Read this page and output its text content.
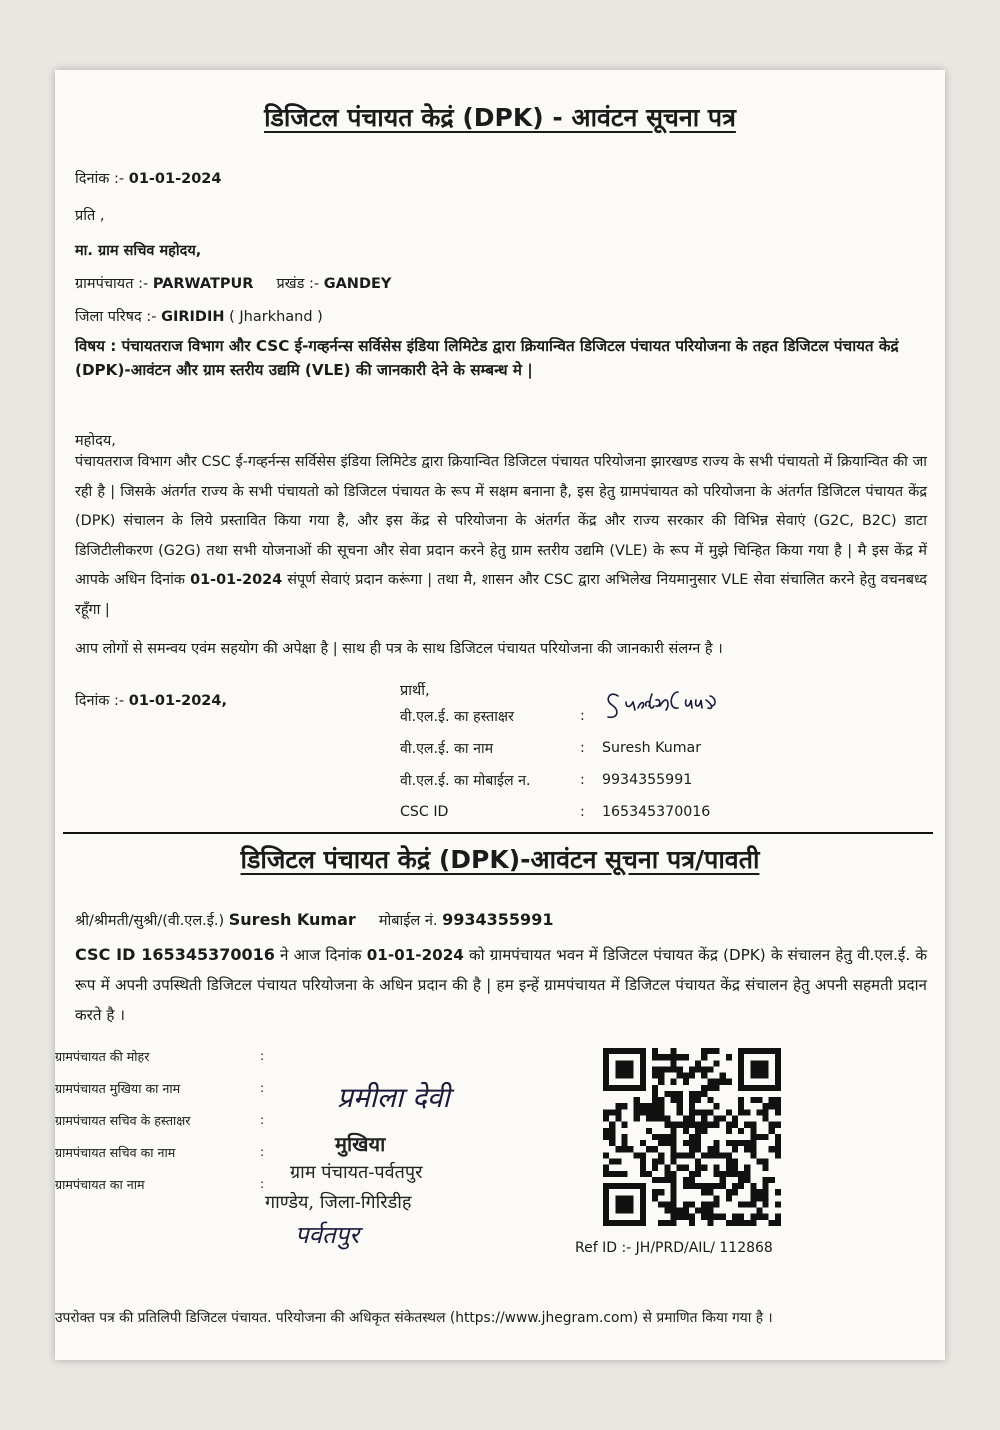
डिजिटल पंचायत केद्रं (DPK) - आवंटन सूचना पत्र
दिनांक :- 01-01-2024
प्रति ,
मा. ग्राम सचिव महोदय,
ग्रामपंचायत :- PARWATPUR प्रखंड :- GANDEY
जिला परिषद :- GIRIDIH ( Jharkhand )
विषय : पंचायतराज विभाग और CSC ई-गव्हर्नन्स सर्विसेस इंडिया लिमिटेड द्वारा क्रियान्वित डिजिटल पंचायत परियोजना के तहत डिजिटल पंचायत केद्रं (DPK)-आवंटन और ग्राम स्तरीय उद्यमि (VLE) की जानकारी देने के सम्बन्ध मे |
महोदय,
पंचायतराज विभाग और CSC ई-गव्हर्नन्स सर्विसेस इंडिया लिमिटेड द्वारा क्रियान्वित डिजिटल पंचायत परियोजना झारखण्ड राज्य के सभी पंचायतो में क्रियान्वित की जा रही है | जिसके अंतर्गत राज्य के सभी पंचायतो को डिजिटल पंचायत के रूप में सक्षम बनाना है, इस हेतु ग्रामपंचायत को परियोजना के अंतर्गत डिजिटल पंचायत केंद्र (DPK) संचालन के लिये प्रस्तावित किया गया है, और इस केंद्र से परियोजना के अंतर्गत केंद्र और राज्य सरकार की विभिन्न सेवाएं (G2C, B2C) डाटा डिजिटीलीकरण (G2G) तथा सभी योजनाओं की सूचना और सेवा प्रदान करने हेतु ग्राम स्तरीय उद्यमि (VLE) के रूप में मुझे चिन्हित किया गया है | मै इस केंद्र में आपके अधिन दिनांक 01-01-2024 संपूर्ण सेवाएं प्रदान करूंगा | तथा मै, शासन और CSC द्वारा अभिलेख नियमानुसार VLE सेवा संचालित करने हेतु वचनबध्द रहूँगा |
आप लोगों से समन्वय एवंम सहयोग की अपेक्षा है | साथ ही पत्र के साथ डिजिटल पंचायत परियोजना की जानकारी संलग्न है ।
दिनांक :- 01-01-2024,
प्रार्थी,
वी.एल.ई. का हस्ताक्षर	:
वी.एल.ई. का नाम	:	Suresh Kumar
वी.एल.ई. का मोबाईल न.	:	9934355991
CSC ID	:	165345370016
डिजिटल पंचायत केद्रं (DPK)-आवंटन सूचना पत्र/पावती
श्री/श्रीमती/सुश्री/(वी.एल.ई.) Suresh Kumar मोबाईल नं. 9934355991
CSC ID 165345370016 ने आज दिनांक 01-01-2024 को ग्रामपंचायत भवन में डिजिटल पंचायत केंद्र (DPK) के संचालन हेतु वी.एल.ई. के रूप में अपनी उपस्थिती डिजिटल पंचायत परियोजना के अधिन प्रदान की है | हम इन्हें ग्रामपंचायत में डिजिटल पंचायत केंद्र संचालन हेतु अपनी सहमती प्रदान करते है ।
ग्रामपंचायत की मोहर	:
ग्रामपंचायत मुखिया का नाम	:
ग्रामपंचायत सचिव के हस्ताक्षर	:
ग्रामपंचायत सचिव का नाम	:
ग्रामपंचायत का नाम	:
प्रमीला देवी
मुखिया
ग्राम पंचायत-पर्वतपुर
गाण्डेय, जिला-गिरिडीह
पर्वतपुर	Ref ID :- JH/PRD/AIL/ 112868
उपरोक्त पत्र की प्रतिलिपी डिजिटल पंचायत. परियोजना की अधिकृत संकेतस्थल (https://www.jhegram.com) से प्रमाणित किया गया है ।
